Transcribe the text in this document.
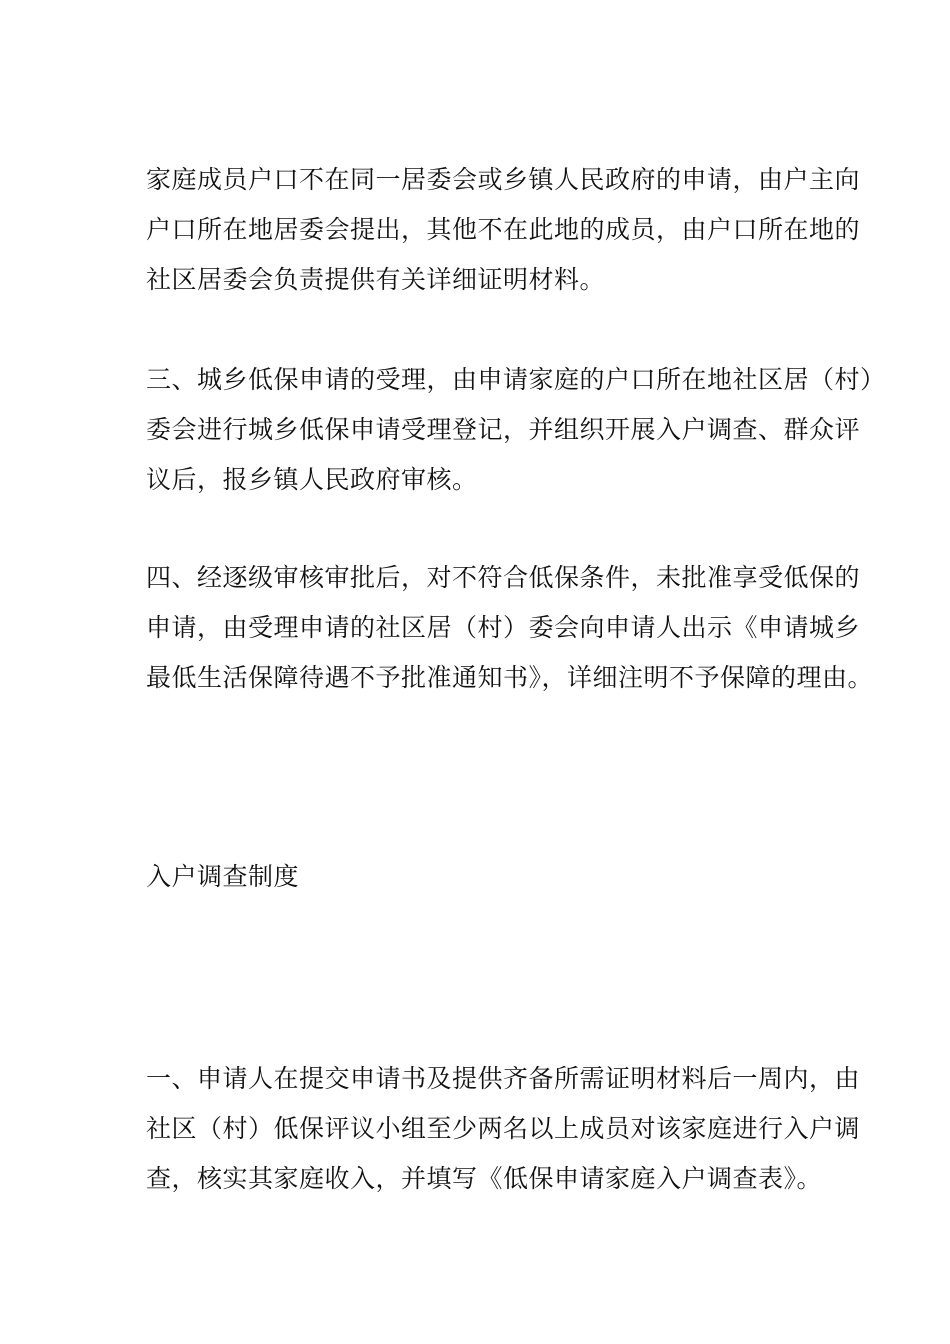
家庭成员户口不在同一居委会或乡镇人民政府的申请，由户主向
户口所在地居委会提出，其他不在此地的成员，由户口所在地的
社区居委会负责提供有关详细证明材料。
三、城乡低保申请的受理，由申请家庭的户口所在地社区居（村）
委会进行城乡低保申请受理登记，并组织开展入户调查、群众评
议后，报乡镇人民政府审核。
四、经逐级审核审批后，对不符合低保条件，未批准享受低保的
申请，由受理申请的社区居（村）委会向申请人出示《申请城乡
最低生活保障待遇不予批准通知书》，详细注明不予保障的理由。
入户调查制度
一、申请人在提交申请书及提供齐备所需证明材料后一周内，由
社区（村）低保评议小组至少两名以上成员对该家庭进行入户调
查，核实其家庭收入，并填写《低保申请家庭入户调查表》。
